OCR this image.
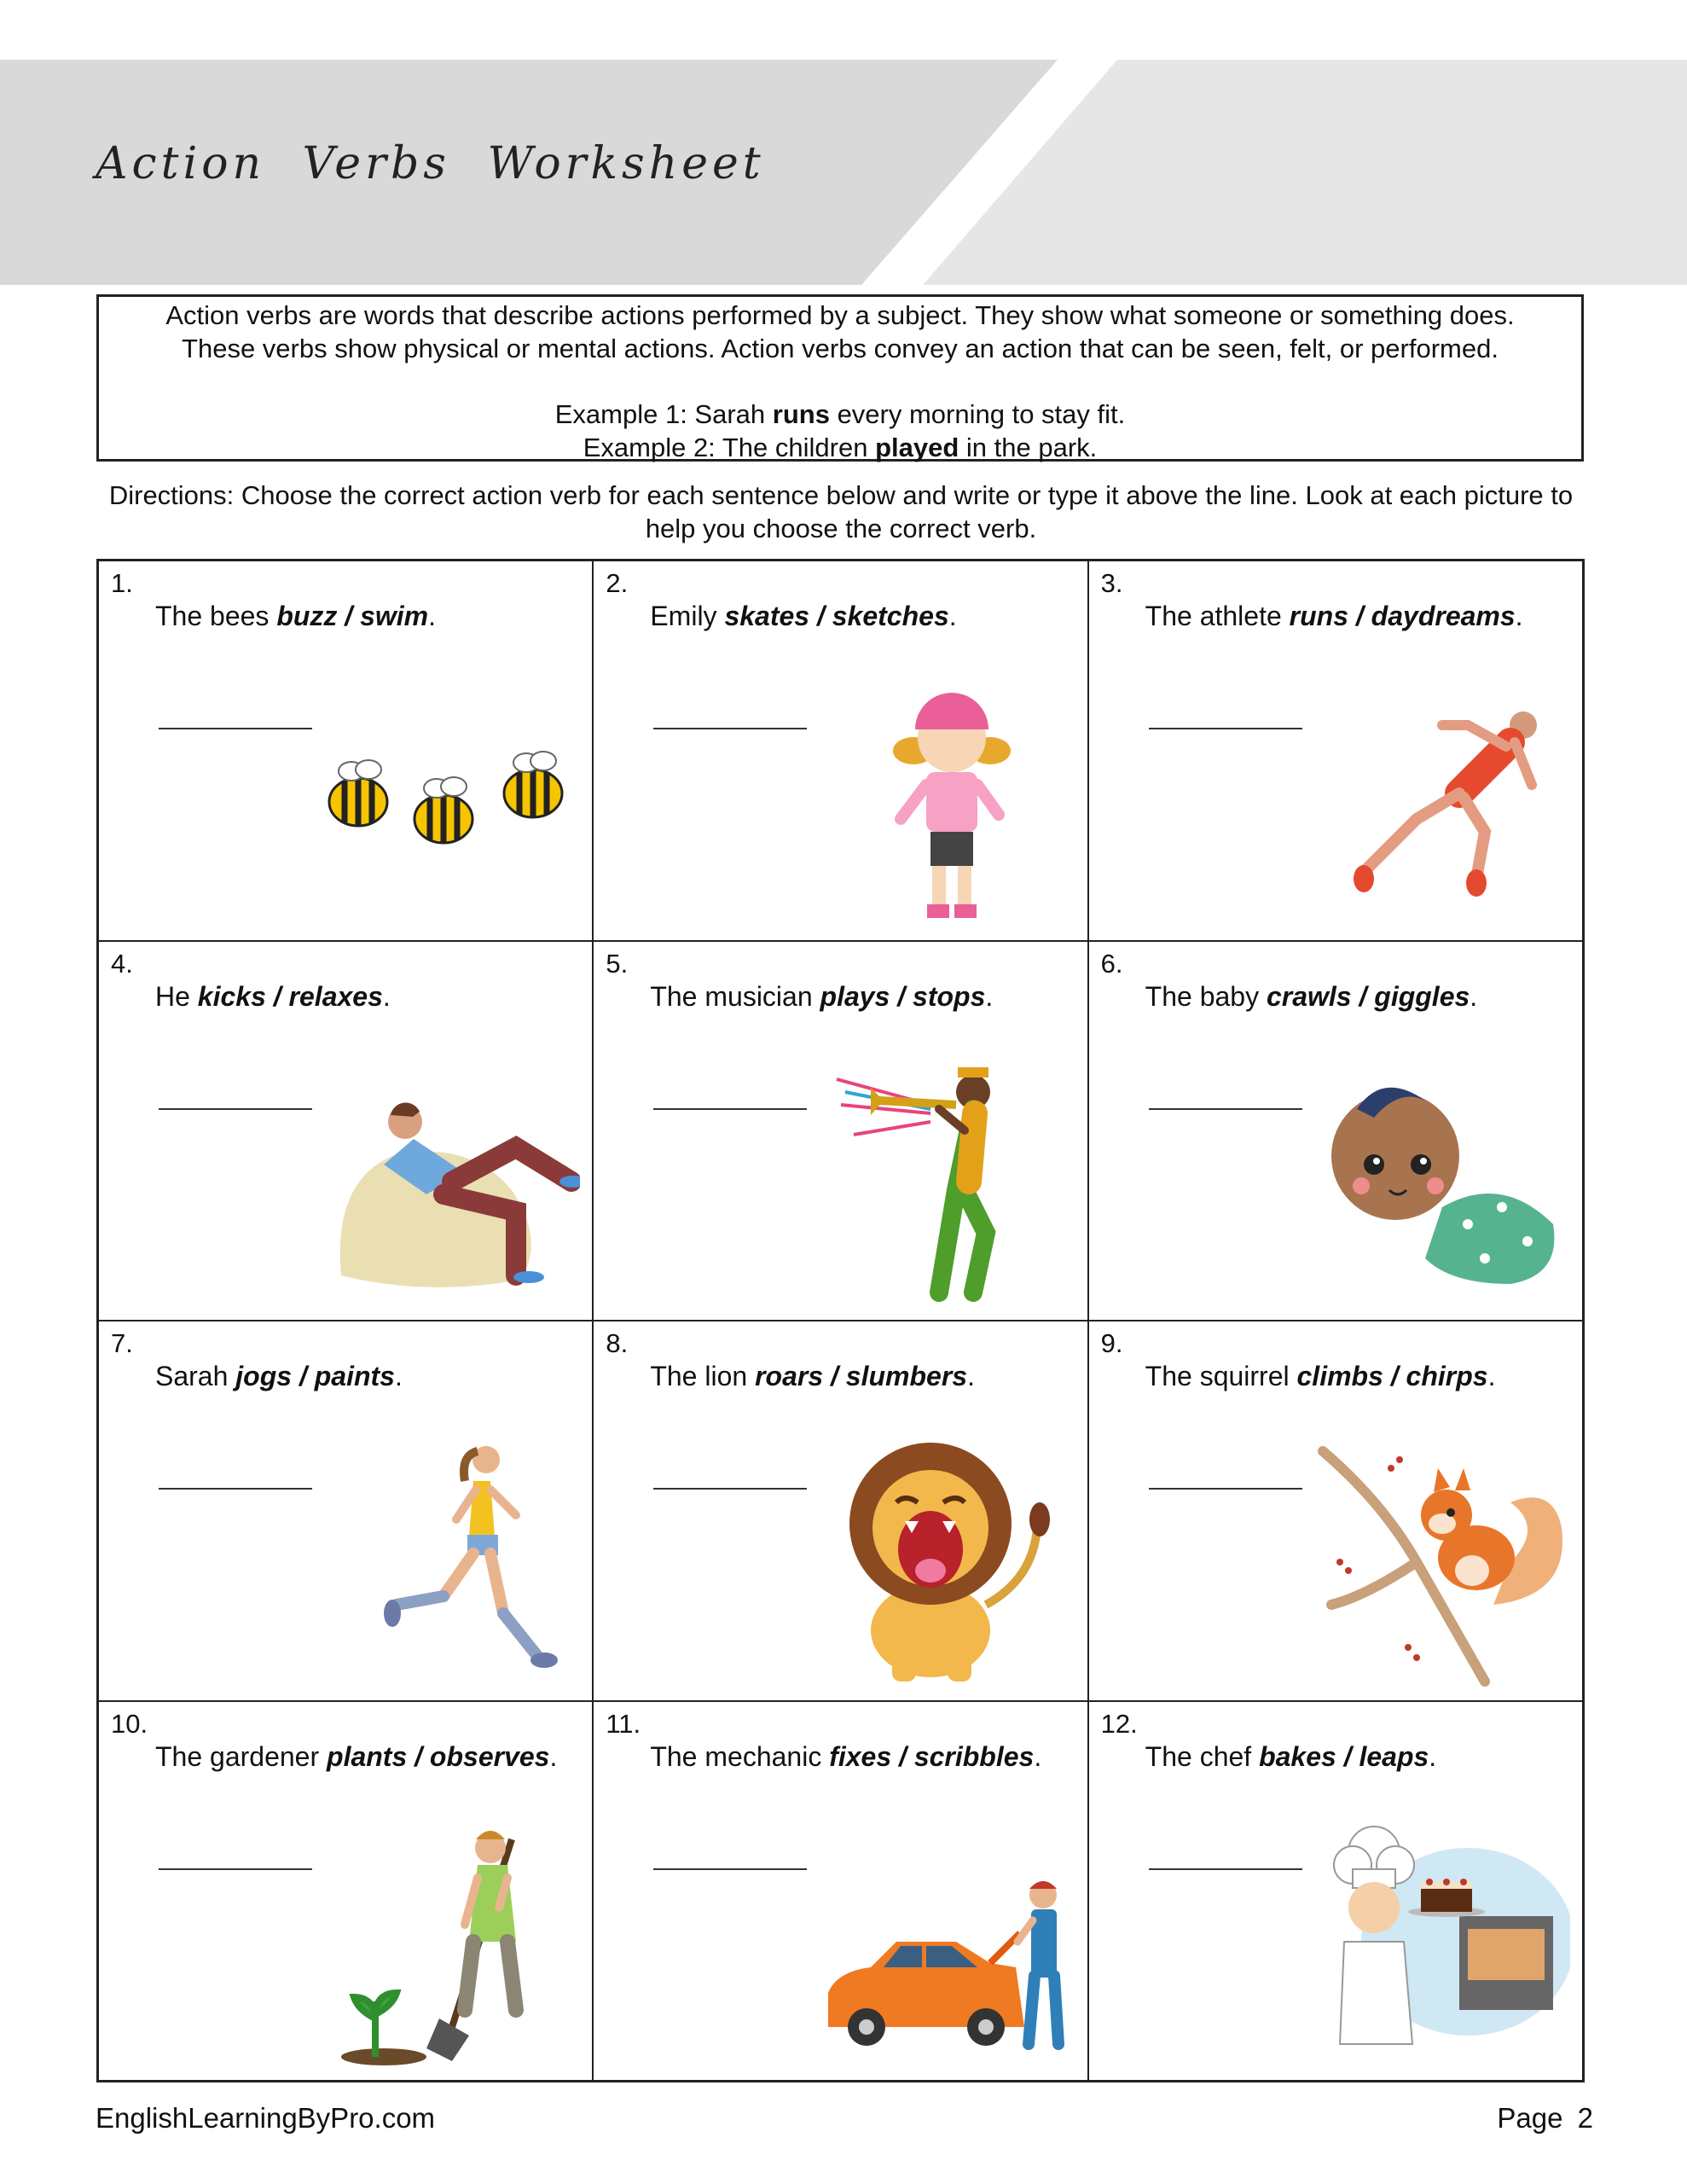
Action Verbs Worksheet

Action verbs are words that describe actions performed by a subject. They show what someone or something does.

These verbs show physical or mental actions. Action verbs convey an action that can be seen, felt, or performed.

Example 1: Sarah runs every morning to stay fit.

Example 2: The children played in the park.

Directions: Choose the correct action verb for each sentence below and write or type it above the line. Look at each picture to help you choose the correct verb.

1.
The bees buzz / swim.
2.
Emily skates / sketches.
3.
The athlete runs / daydreams.
4.
He kicks / relaxes.
5.
The musician plays / stops.
6.
The baby crawls / giggles.
7.
Sarah jogs / paints.
8.
The lion roars / slumbers.
9.
The squirrel climbs / chirps.
10.
The gardener plants / observes.
11.
The mechanic fixes / scribbles.
12.
The chef bakes / leaps.
EnglishLearningByPro.com	Page 2
